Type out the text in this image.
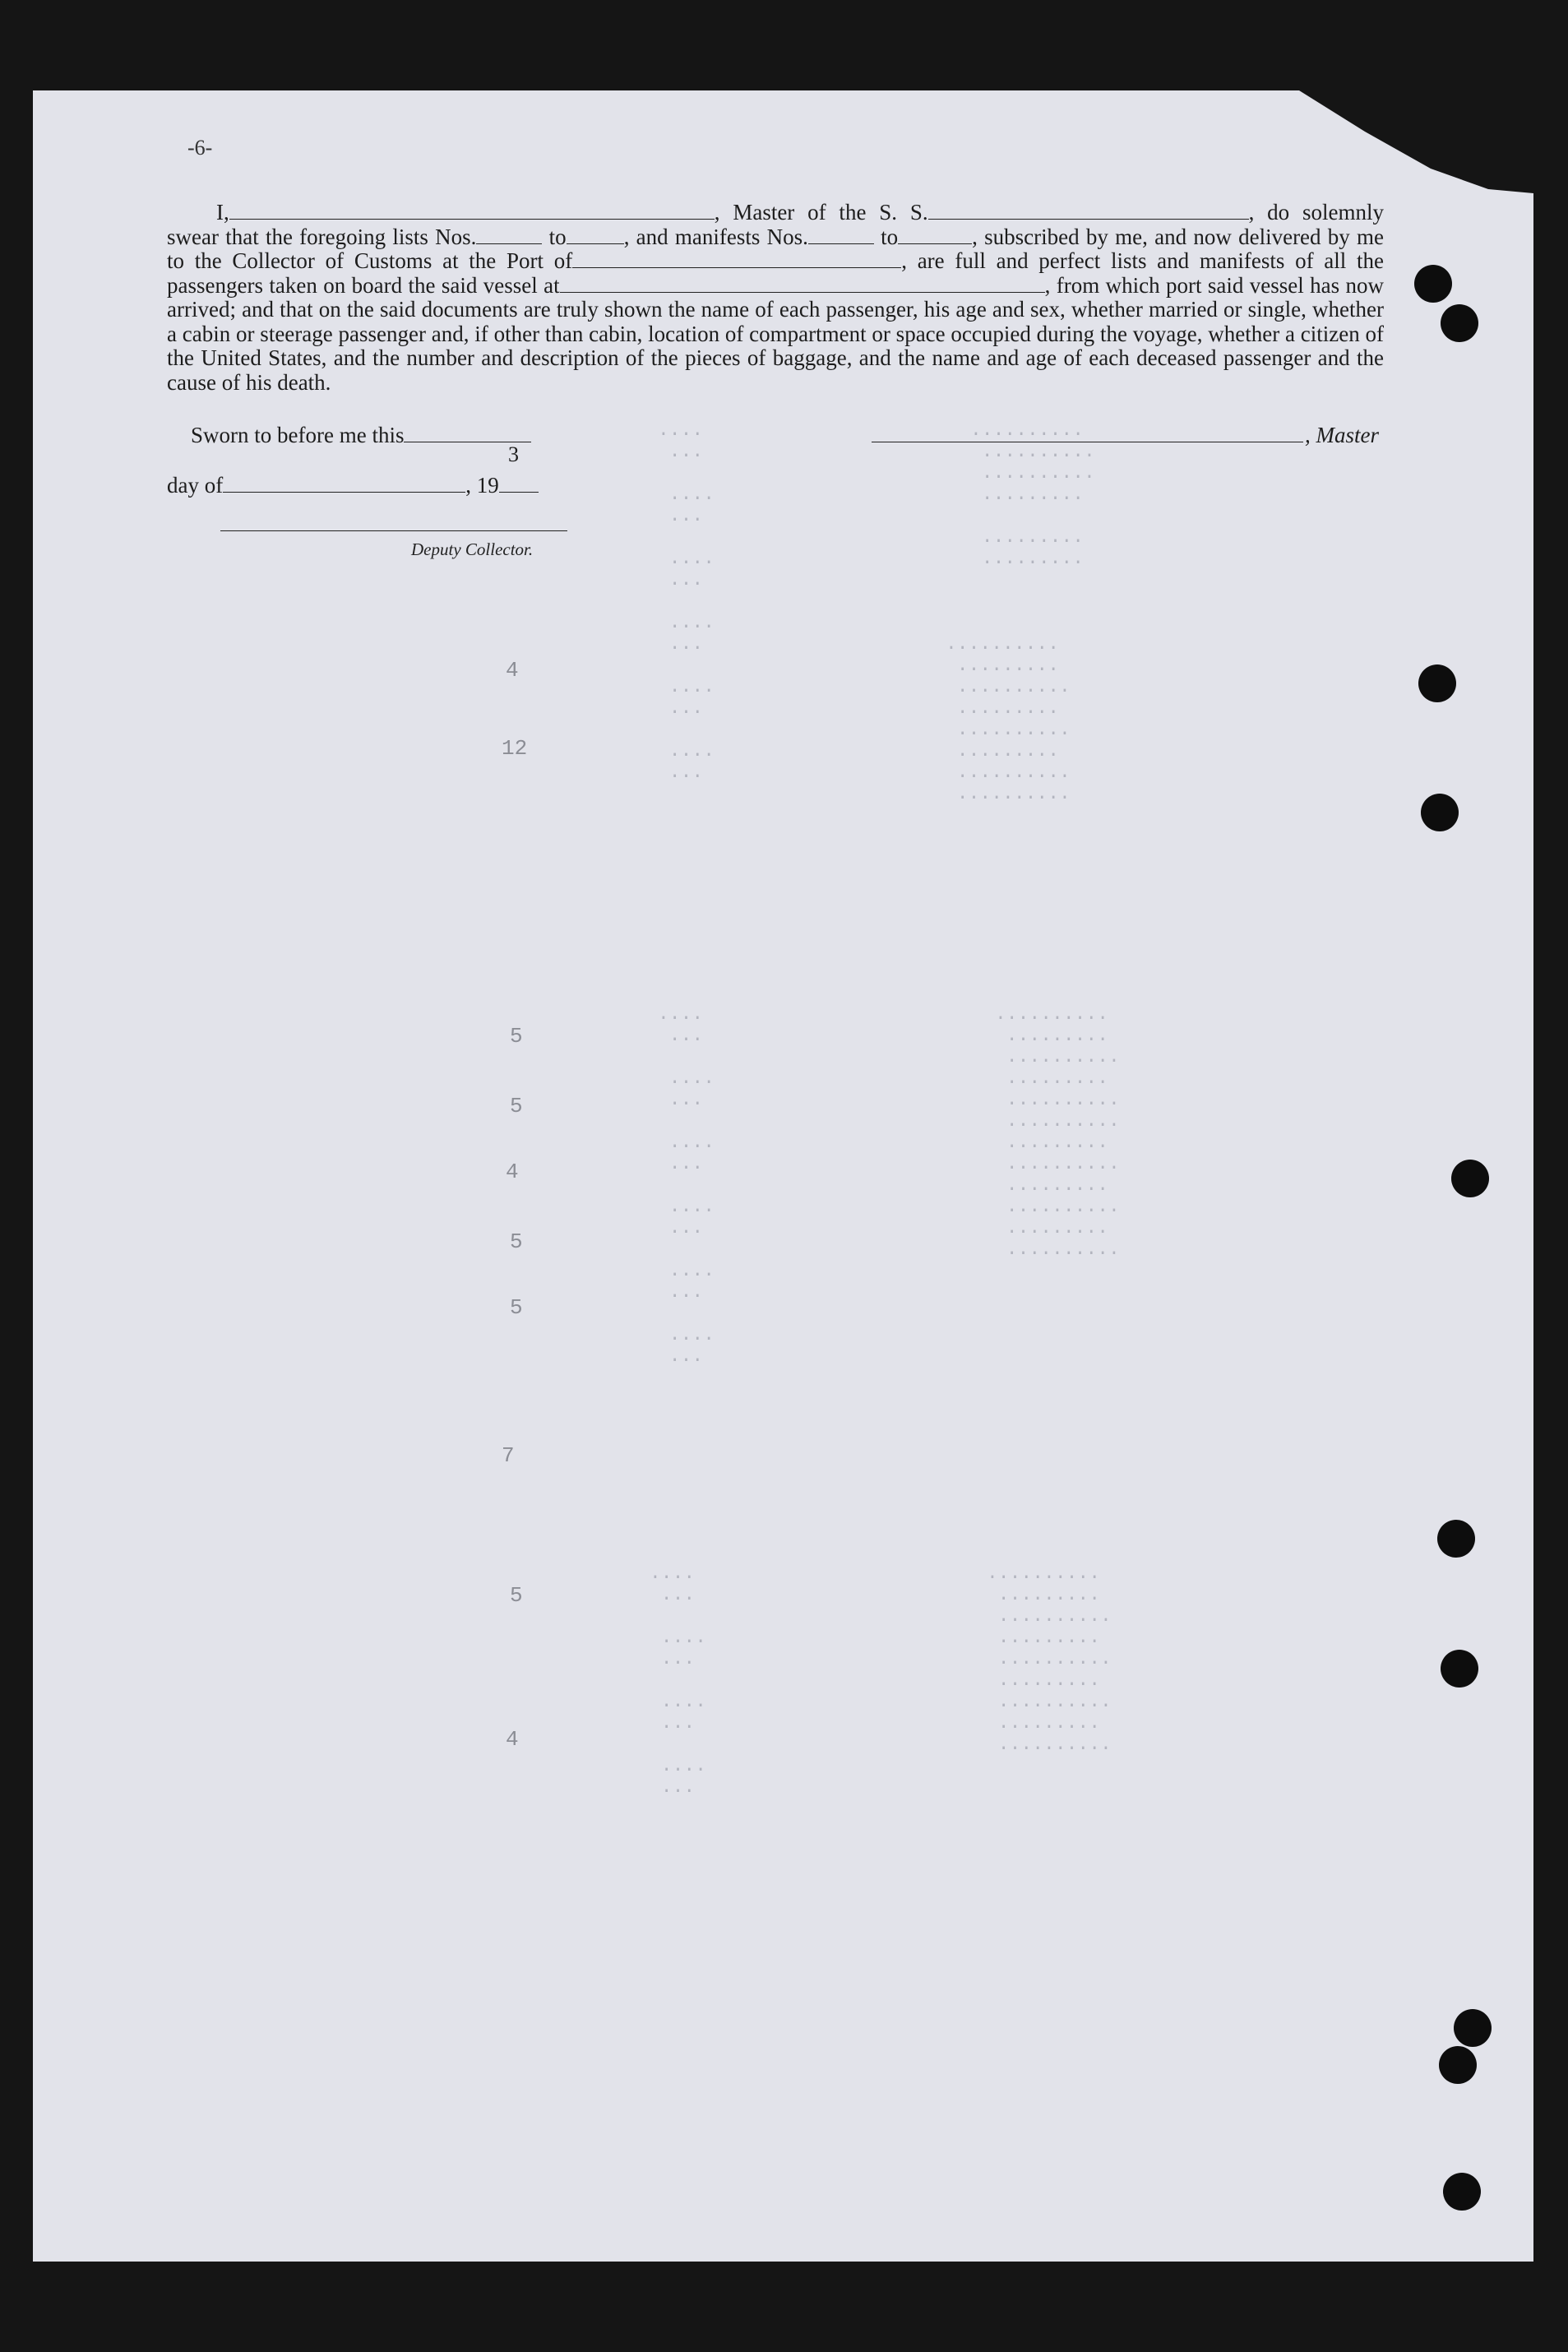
..........
..........
..........
.........

.........
.........
..........
.........
..........
.........
..........
.........
..........
..........
..........
.........
..........
.........
..........
..........
.........
..........
.........
..........
.........
..........
..........
.........
..........
.........
..........
.........
..........
.........
..........
....
...

....
...

....
...

....
...

....
...

....
...
....
...

....
...

....
...

....
...

....
...

....
...
....
...

....
...

....
...

....
...
4
12
5
5
4
5
5
7
5
4
-6-
I,	, Master of the S. S.	, do solemnly swear that the foregoing lists Nos.	to	, and manifests Nos.	to	, subscribed by me, and now delivered by me to the Collector of Customs at the Port of	, are full and perfect lists and manifests of all the passengers taken on board the said vessel at	, from which port said vessel has now arrived; and that on the said documents are truly shown the name of each passenger, his age and sex, whether married or single, whether a cabin or steerage passenger and, if other than cabin, location of compartment or space occupied during the voyage, whether a citizen of the United States, and the number and description of the pieces of baggage, and the name and age of each deceased passenger and the cause of his death.
Sworn to before me this
3
day of	, 19
Deputy Collector.
, Master
